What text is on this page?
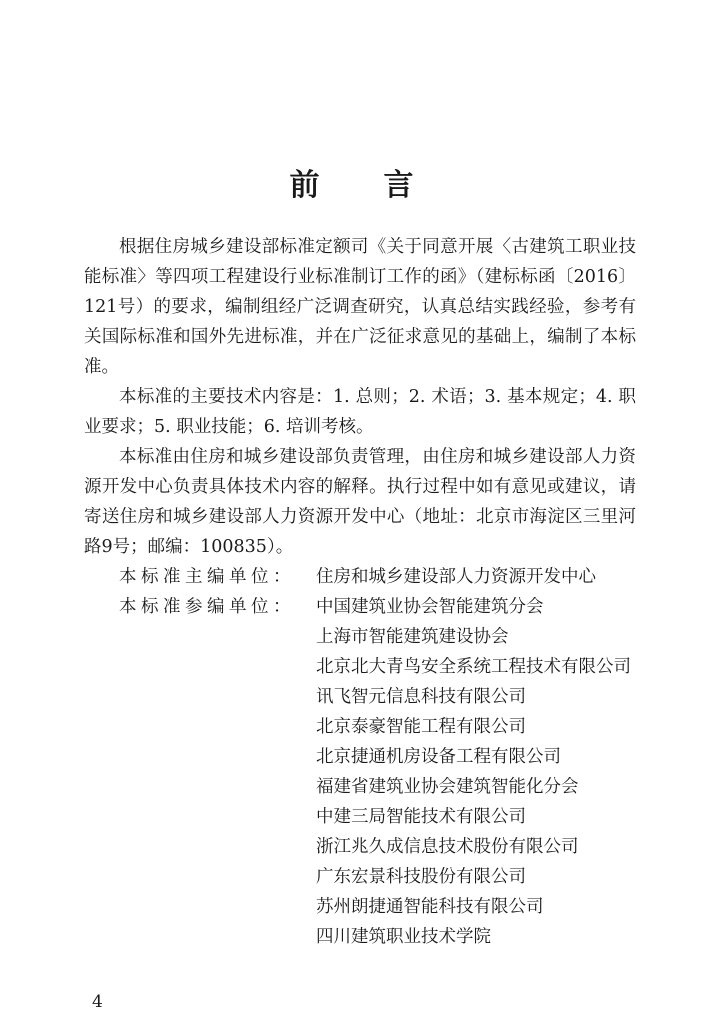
前 言

根据住房城乡建设部标准定额司《关于同意开展〈古建筑工职业技能标准〉等四项工程建设行业标准制订工作的函》（建标标函〔2016〕121号）的要求，编制组经广泛调查研究，认真总结实践经验，参考有关国际标准和国外先进标准，并在广泛征求意见的基础上，编制了本标准。

本标准的主要技术内容是：1. 总则；2. 术语；3. 基本规定；4. 职业要求；5. 职业技能；6. 培训考核。

本标准由住房和城乡建设部负责管理，由住房和城乡建设部人力资源开发中心负责具体技术内容的解释。执行过程中如有意见或建议，请寄送住房和城乡建设部人力资源开发中心（地址：北京市海淀区三里河路9号；邮编：100835）。

本标准主编单位：	住房和城乡建设部人力资源开发中心
本标准参编单位：	中国建筑业协会智能建筑分会
上海市智能建筑建设协会
北京北大青鸟安全系统工程技术有限公司
讯飞智元信息科技有限公司
北京泰豪智能工程有限公司
北京捷通机房设备工程有限公司
福建省建筑业协会建筑智能化分会
中建三局智能技术有限公司
浙江兆久成信息技术股份有限公司
广东宏景科技股份有限公司
苏州朗捷通智能科技有限公司
四川建筑职业技术学院
4
